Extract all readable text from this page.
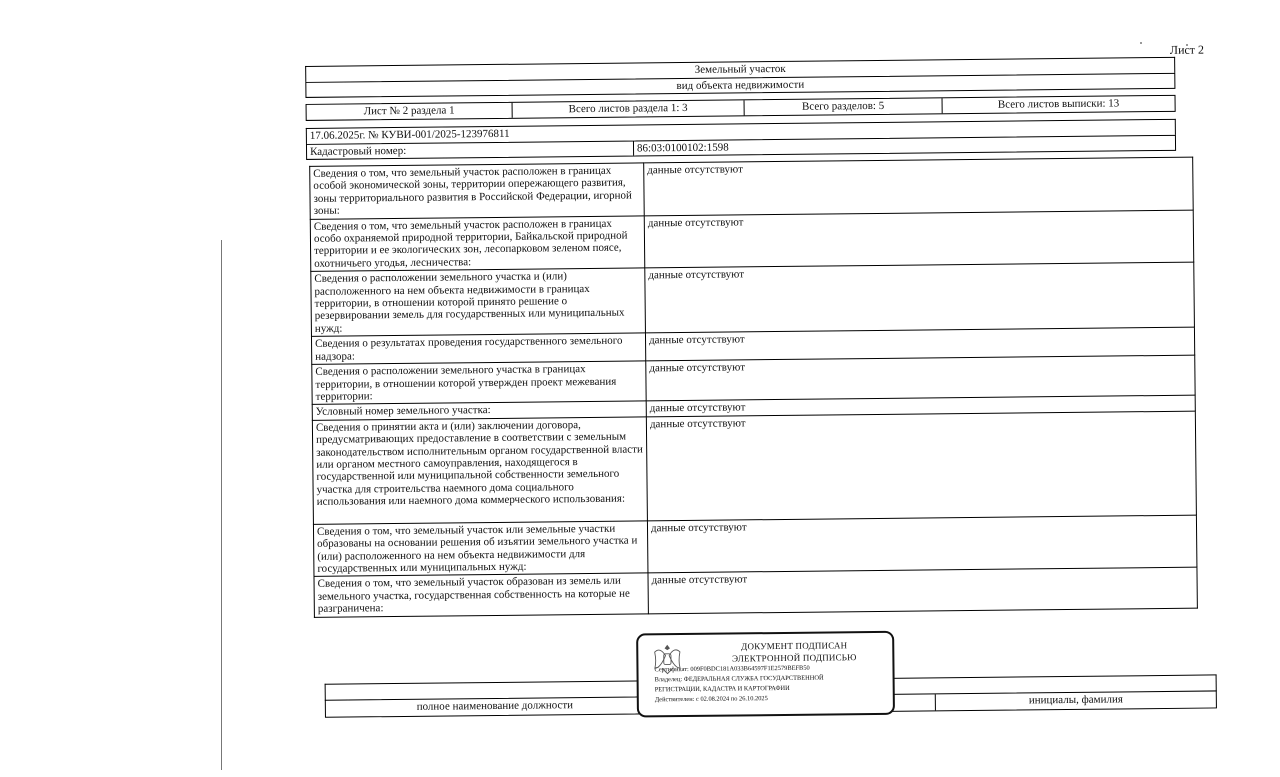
Лист 2
Земельный участок
вид объекта недвижимости
Лист № 2 раздела 1	Всего листов раздела 1: 3	Всего разделов: 5	Всего листов выписки: 13
17.06.2025г. № КУВИ-001/2025-123976811
Кадастровый номер:	86:03:0100102:1598
Сведения о том, что земельный участок расположен в границах особой экономической зоны, территории опережающего развития, зоны территориального развития в Российской Федерации, игорной зоны:	данные отсутствуют
Сведения о том, что земельный участок расположен в границах особо охраняемой природной территории, Байкальской природной территории и ее экологических зон, лесопарковом зеленом поясе, охотничьего угодья, лесничества:	данные отсутствуют
Сведения о расположении земельного участка и (или) расположенного на нем объекта недвижимости в границах территории, в отношении которой принято решение о резервировании земель для государственных или муниципальных нужд:	данные отсутствуют
Сведения о результатах проведения государственного земельного надзора:	данные отсутствуют
Сведения о расположении земельного участка в границах территории, в отношении которой утвержден проект межевания территории:	данные отсутствуют
Условный номер земельного участка:	данные отсутствуют
Сведения о принятии акта и (или) заключении договора, предусматривающих предоставление в соответствии с земельным законодательством исполнительным органом государственной власти или органом местного самоуправления, находящегося в государственной или муниципальной собственности земельного участка для строительства наемного дома социального использования или наемного дома коммерческого использования:	данные отсутствуют
Сведения о том, что земельный участок или земельные участки образованы на основании решения об изъятии земельного участка и (или) расположенного на нем объекта недвижимости для государственных или муниципальных нужд:	данные отсутствуют
Сведения о том, что земельный участок образован из земель или земельного участка, государственная собственность на которые не разграничена:	данные отсутствуют
полное наименование должности	инициалы, фамилия
ДОКУМЕНТ ПОДПИСАН
ЭЛЕКТРОННОЙ ПОДПИСЬЮ
Сертификат: 009F0BDC181A033B64597F1E2579BEFB50
Владелец: ФЕДЕРАЛЬНАЯ СЛУЖБА ГОСУДАРСТВЕННОЙ
РЕГИСТРАЦИИ, КАДАСТРА И КАРТОГРАФИИ
Действителен: с 02.08.2024 по 26.10.2025
